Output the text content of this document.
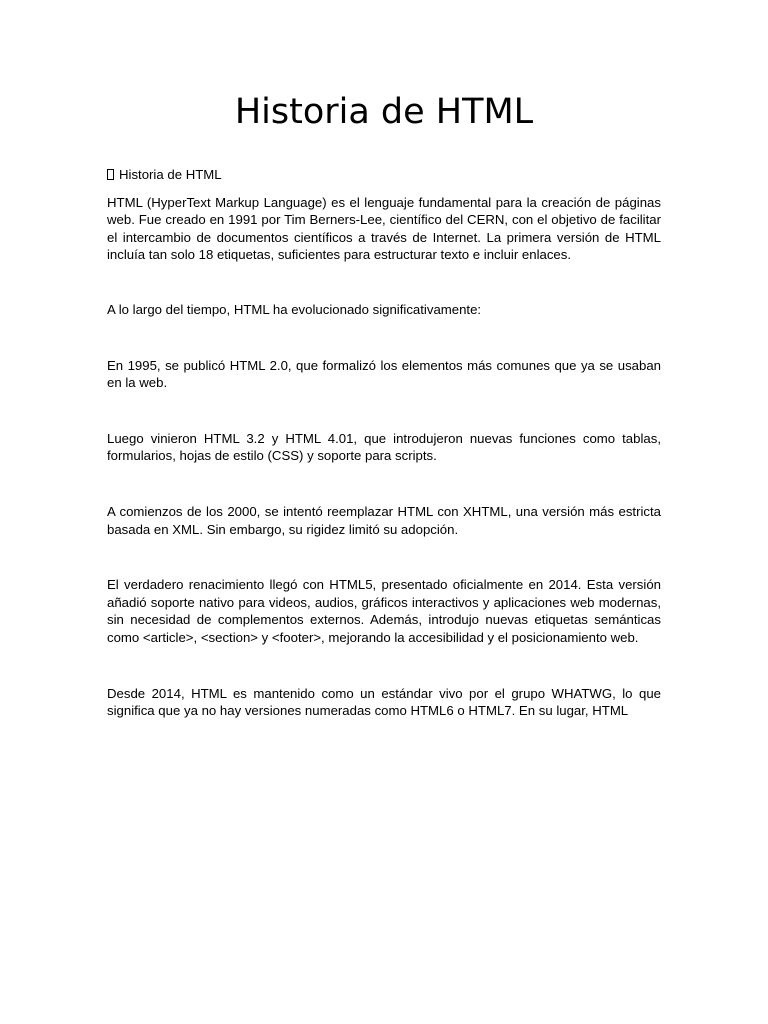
Historia de HTML
Historia de HTML

HTML (HyperText Markup Language) es el lenguaje fundamental para la creación de páginas web. Fue creado en 1991 por Tim Berners-Lee, científico del CERN, con el objetivo de facilitar el intercambio de documentos científicos a través de Internet. La primera versión de HTML incluía tan solo 18 etiquetas, suficientes para estructurar texto e incluir enlaces.

A lo largo del tiempo, HTML ha evolucionado significativamente:

En 1995, se publicó HTML 2.0, que formalizó los elementos más comunes que ya se usaban en la web.

Luego vinieron HTML 3.2 y HTML 4.01, que introdujeron nuevas funciones como tablas, formularios, hojas de estilo (CSS) y soporte para scripts.

A comienzos de los 2000, se intentó reemplazar HTML con XHTML, una versión más estricta basada en XML. Sin embargo, su rigidez limitó su adopción.

El verdadero renacimiento llegó con HTML5, presentado oficialmente en 2014. Esta versión añadió soporte nativo para videos, audios, gráficos interactivos y aplicaciones web modernas, sin necesidad de complementos externos. Además, introdujo nuevas etiquetas semánticas como <article>, <section> y <footer>, mejorando la accesibilidad y el posicionamiento web.

Desde 2014, HTML es mantenido como un estándar vivo por el grupo WHATWG, lo que significa que ya no hay versiones numeradas como HTML6 o HTML7. En su lugar, HTML
